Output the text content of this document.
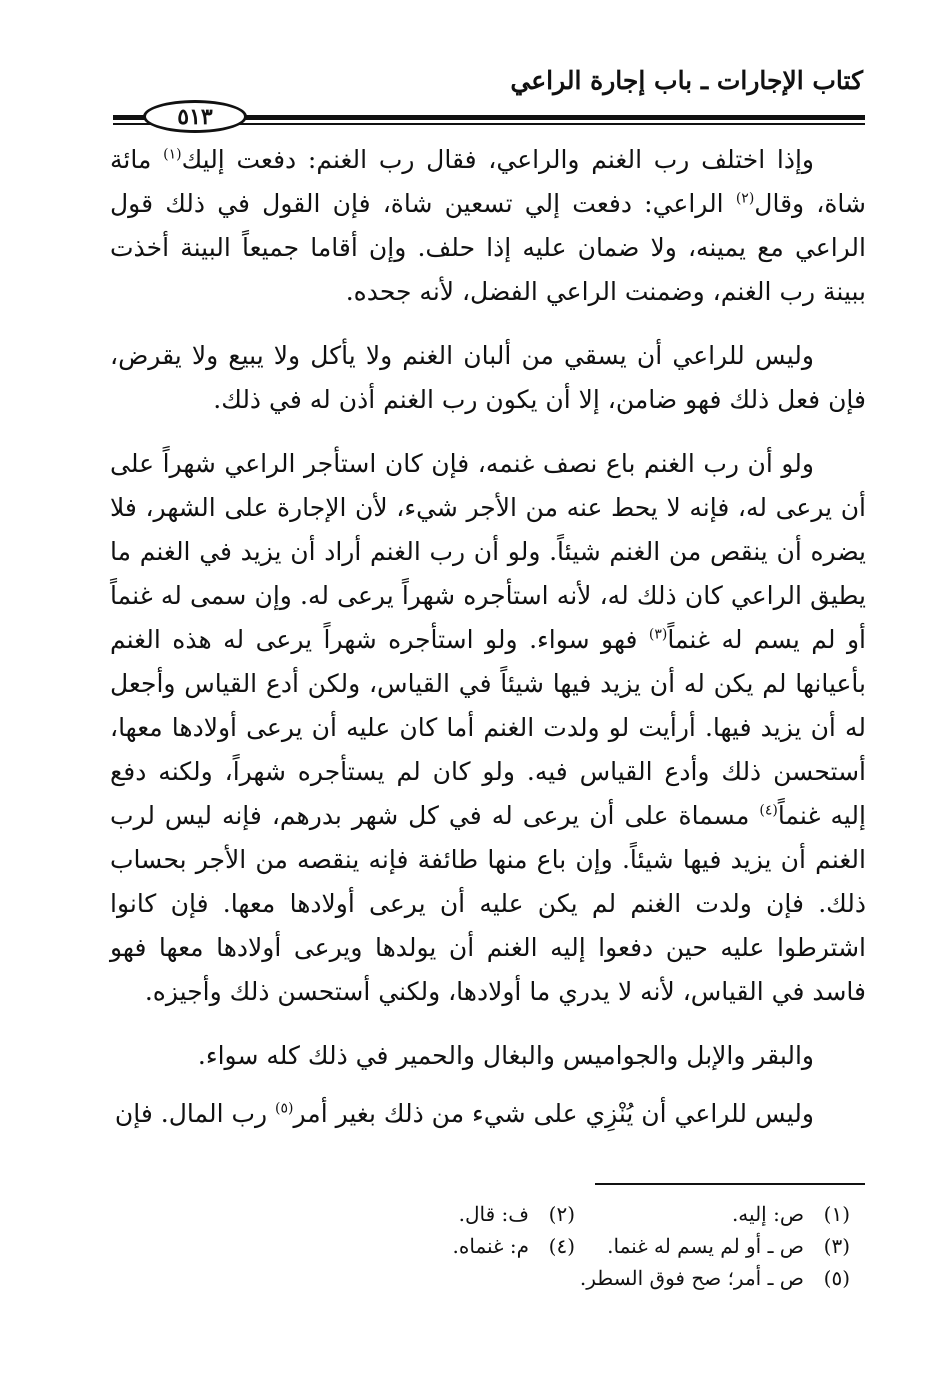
كتاب الإجارات ـ باب إجارة الراعي
٥١٣

وإذا اختلف رب الغنم والراعي، فقال رب الغنم: دفعت إليك$^{(١)}$ مائة شاة، وقال$^{(٢)}$ الراعي: دفعت إلي تسعين شاة، فإن القول في ذلك قول الراعي مع يمينه، ولا ضمان عليه إذا حلف. وإن أقاما جميعاً البينة أخذت ببينة رب الغنم، وضمنت الراعي الفضل، لأنه جحده.

وليس للراعي أن يسقي من ألبان الغنم ولا يأكل ولا يبيع ولا يقرض، فإن فعل ذلك فهو ضامن، إلا أن يكون رب الغنم أذن له في ذلك.

ولو أن رب الغنم باع نصف غنمه، فإن كان استأجر الراعي شهراً على أن يرعى له، فإنه لا يحط عنه من الأجر شيء، لأن الإجارة على الشهر، فلا يضره أن ينقص من الغنم شيئاً. ولو أن رب الغنم أراد أن يزيد في الغنم ما يطيق الراعي كان ذلك له، لأنه استأجره شهراً يرعى له. وإن سمى له غنماً أو لم يسم له غنماً$^{(٣)}$ فهو سواء. ولو استأجره شهراً يرعى له هذه الغنم بأعيانها لم يكن له أن يزيد فيها شيئاً في القياس، ولكن أدع القياس وأجعل له أن يزيد فيها. أرأيت لو ولدت الغنم أما كان عليه أن يرعى أولادها معها، أستحسن ذلك وأدع القياس فيه. ولو كان لم يستأجره شهراً، ولكنه دفع إليه غنماً$^{(٤)}$ مسماة على أن يرعى له في كل شهر بدرهم، فإنه ليس لرب الغنم أن يزيد فيها شيئاً. وإن باع منها طائفة فإنه ينقصه من الأجر بحساب ذلك. فإن ولدت الغنم لم يكن عليه أن يرعى أولادها معها. فإن كانوا اشترطوا عليه حين دفعوا إليه الغنم أن يولدها ويرعى أولادها معها فهو فاسد في القياس، لأنه لا يدري ما أولادها، ولكني أستحسن ذلك وأجيزه.

والبقر والإبل والجواميس والبغال والحمير في ذلك كله سواء.

وليس للراعي أن يُنْزِي على شيء من ذلك بغير أمر$^{(٥)}$ رب المال. فإن

(١)ص: إليه.
(٢)ف: قال.
(٣)ص ـ أو لم يسم له غنما.
(٤)م: غنماه.
(٥)ص ـ أمر؛ صح فوق السطر.
